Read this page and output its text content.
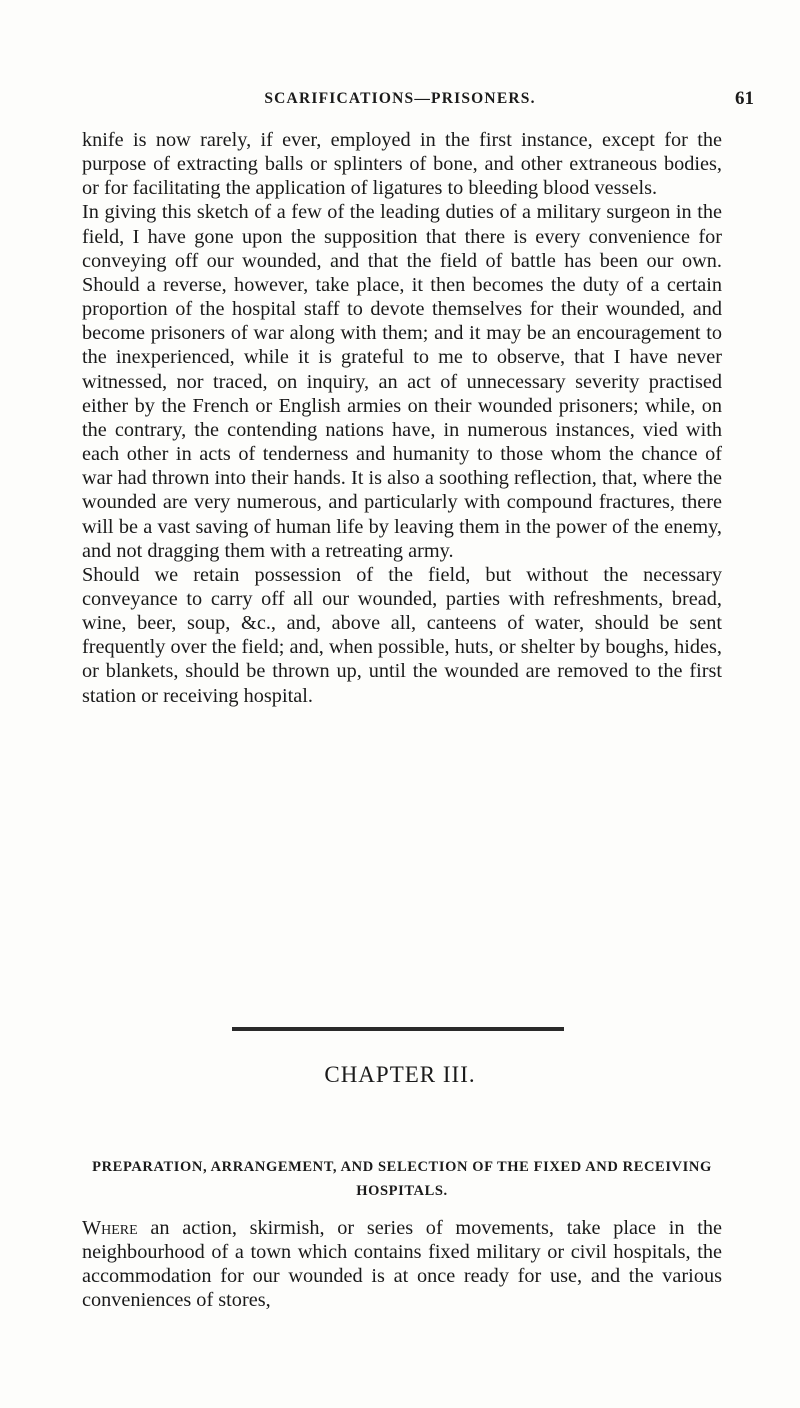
SCARIFICATIONS—PRISONERS.	61

knife is now rarely, if ever, employed in the first instance, except for the purpose of extracting balls or splinters of bone, and other extraneous bodies, or for facilitating the application of ligatures to bleeding blood vessels.

In giving this sketch of a few of the leading duties of a military surgeon in the field, I have gone upon the supposition that there is every convenience for conveying off our wounded, and that the field of battle has been our own. Should a reverse, however, take place, it then becomes the duty of a certain proportion of the hospital staff to devote themselves for their wounded, and become prisoners of war along with them; and it may be an encouragement to the inexperienced, while it is grateful to me to observe, that I have never witnessed, nor traced, on inquiry, an act of unnecessary severity practised either by the French or English armies on their wounded prisoners; while, on the contrary, the contending nations have, in numerous instances, vied with each other in acts of tenderness and humanity to those whom the chance of war had thrown into their hands. It is also a soothing reflection, that, where the wounded are very numerous, and particularly with compound fractures, there will be a vast saving of human life by leaving them in the power of the enemy, and not dragging them with a retreating army.

Should we retain possession of the field, but without the necessary conveyance to carry off all our wounded, parties with refreshments, bread, wine, beer, soup, &c., and, above all, canteens of water, should be sent frequently over the field; and, when possible, huts, or shelter by boughs, hides, or blankets, should be thrown up, until the wounded are removed to the first station or receiving hospital.

CHAPTER III.
PREPARATION, ARRANGEMENT, AND SELECTION OF THE FIXED AND RECEIVING HOSPITALS.

Where an action, skirmish, or series of movements, take place in the neighbourhood of a town which contains fixed military or civil hospitals, the accommodation for our wounded is at once ready for use, and the various conveniences of stores,
